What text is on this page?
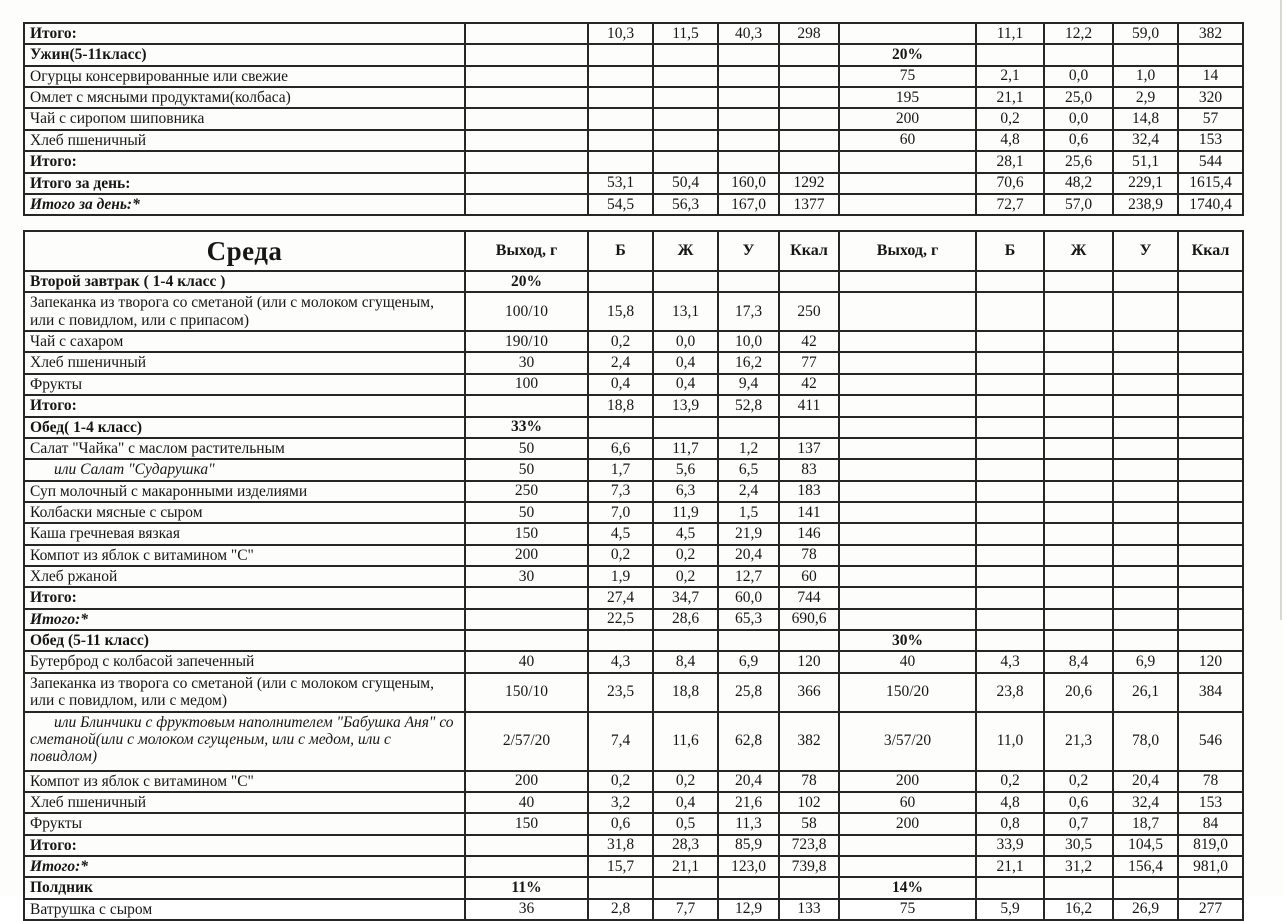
Итого:		10,3	11,5	40,3	298		11,1	12,2	59,0	382
Ужин(5-11класс)						20%				
Огурцы консервированные или свежие						75	2,1	0,0	1,0	14
Омлет с мясными продуктами(колбаса)						195	21,1	25,0	2,9	320
Чай с сиропом шиповника						200	0,2	0,0	14,8	57
Хлеб пшеничный						60	4,8	0,6	32,4	153
Итого:							28,1	25,6	51,1	544
Итого за день:		53,1	50,4	160,0	1292		70,6	48,2	229,1	1615,4
Итого за день:*		54,5	56,3	167,0	1377		72,7	57,0	238,9	1740,4
Среда	Выход, г	Б	Ж	У	Ккал	Выход, г	Б	Ж	У	Ккал
Второй завтрак ( 1-4 класс )	20%									
Запеканка из творога со сметаной (или с молоком сгущеным, или с повидлом, или с припасом)	100/10	15,8	13,1	17,3	250					
Чай с сахаром	190/10	0,2	0,0	10,0	42					
Хлеб пшеничный	30	2,4	0,4	16,2	77					
Фрукты	100	0,4	0,4	9,4	42					
Итого:		18,8	13,9	52,8	411					
Обед( 1-4 класс)	33%									
Салат "Чайка" с маслом растительным	50	6,6	11,7	1,2	137					
или Салат "Сударушка"	50	1,7	5,6	6,5	83					
Суп молочный с макаронными изделиями	250	7,3	6,3	2,4	183					
Колбаски мясные с сыром	50	7,0	11,9	1,5	141					
Каша гречневая вязкая	150	4,5	4,5	21,9	146					
Компот из яблок с витамином "С"	200	0,2	0,2	20,4	78					
Хлеб ржаной	30	1,9	0,2	12,7	60					
Итого:		27,4	34,7	60,0	744					
Итого:*		22,5	28,6	65,3	690,6					
Обед (5-11 класс)						30%				
Бутерброд с колбасой запеченный	40	4,3	8,4	6,9	120	40	4,3	8,4	6,9	120
Запеканка из творога со сметаной (или с молоком сгущеным, или с повидлом, или с медом)	150/10	23,5	18,8	25,8	366	150/20	23,8	20,6	26,1	384
или Блинчики с фруктовым наполнителем "Бабушка Аня" со сметаной(или с молоком сгущеным, или с медом, или с повидлом)	2/57/20	7,4	11,6	62,8	382	3/57/20	11,0	21,3	78,0	546
Компот из яблок с витамином "С"	200	0,2	0,2	20,4	78	200	0,2	0,2	20,4	78
Хлеб пшеничный	40	3,2	0,4	21,6	102	60	4,8	0,6	32,4	153
Фрукты	150	0,6	0,5	11,3	58	200	0,8	0,7	18,7	84
Итого:		31,8	28,3	85,9	723,8		33,9	30,5	104,5	819,0
Итого:*		15,7	21,1	123,0	739,8		21,1	31,2	156,4	981,0
Полдник	11%					14%				
Ватрушка с сыром	36	2,8	7,7	12,9	133	75	5,9	16,2	26,9	277
